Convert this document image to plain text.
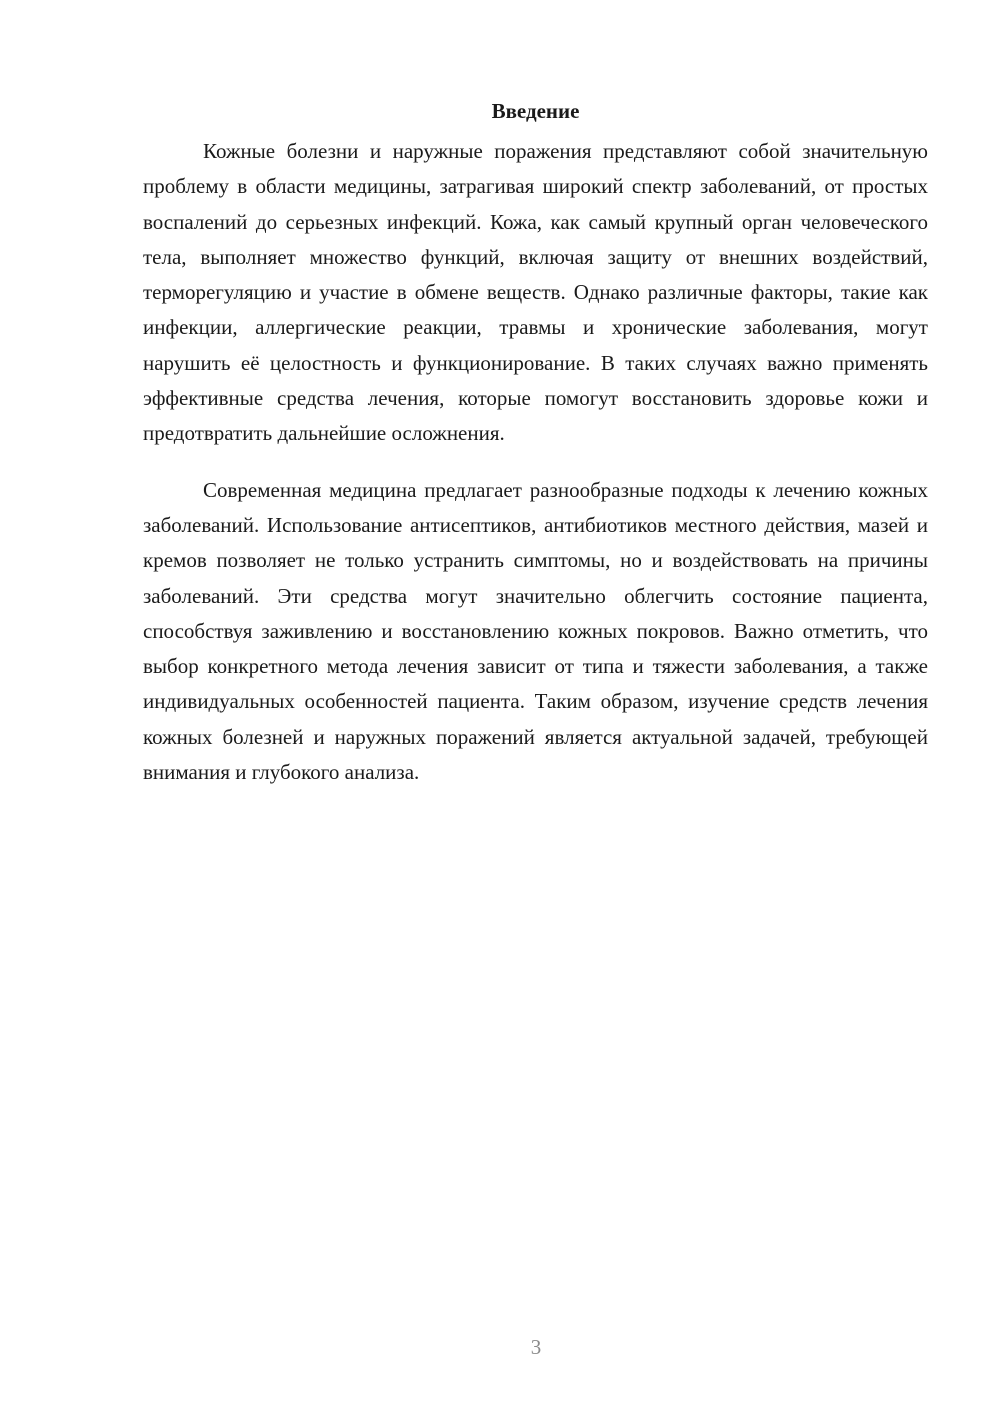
Введение

Кожные болезни и наружные поражения представляют собой значительную проблему в области медицины, затрагивая широкий спектр заболеваний, от простых воспалений до серьезных инфекций. Кожа, как самый крупный орган человеческого тела, выполняет множество функций, включая защиту от внешних воздействий, терморегуляцию и участие в обмене веществ. Однако различные факторы, такие как инфекции, аллергические реакции, травмы и хронические заболевания, могут нарушить её целостность и функционирование. В таких случаях важно применять эффективные средства лечения, которые помогут восстановить здоровье кожи и предотвратить дальнейшие осложнения.

Современная медицина предлагает разнообразные подходы к лечению кожных заболеваний. Использование антисептиков, антибиотиков местного действия, мазей и кремов позволяет не только устранить симптомы, но и воздействовать на причины заболеваний. Эти средства могут значительно облегчить состояние пациента, способствуя заживлению и восстановлению кожных покровов. Важно отметить, что выбор конкретного метода лечения зависит от типа и тяжести заболевания, а также индивидуальных особенностей пациента. Таким образом, изучение средств лечения кожных болезней и наружных поражений является актуальной задачей, требующей внимания и глубокого анализа.

3
